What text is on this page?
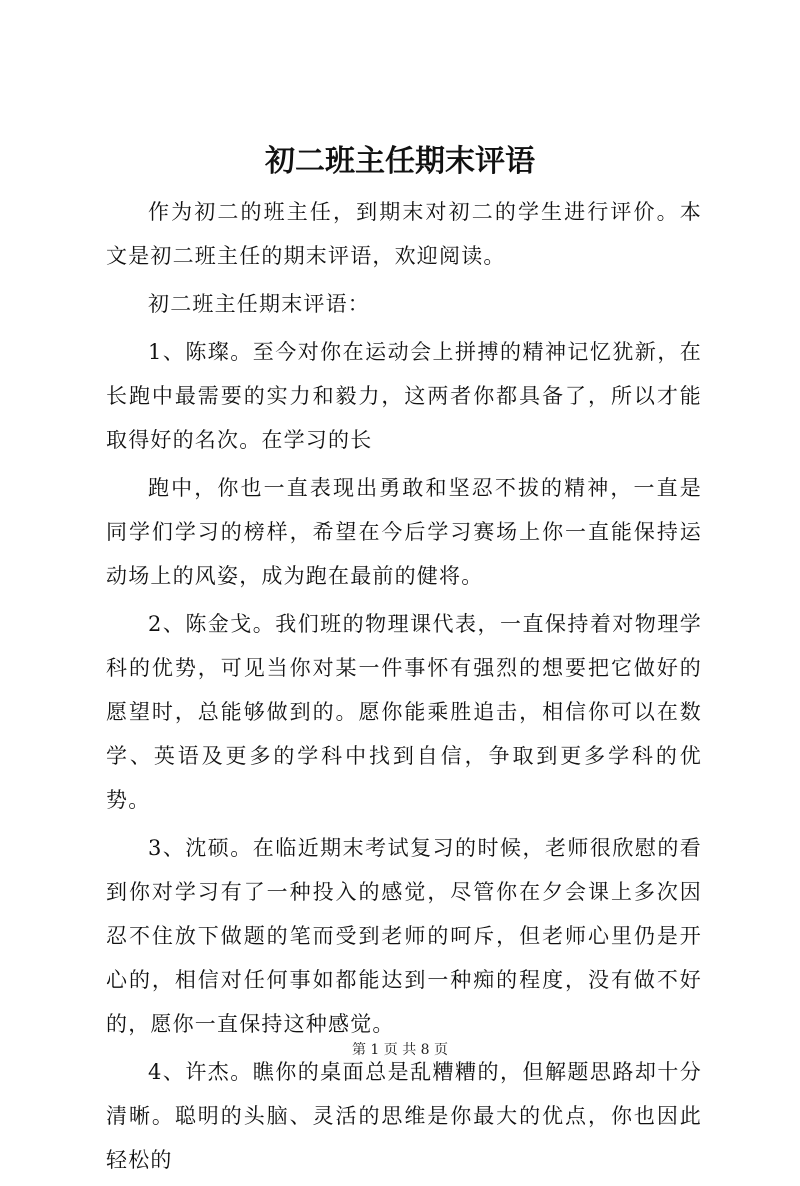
初二班主任期末评语

作为初二的班主任，到期末对初二的学生进行评价。本文是初二班主任的期末评语，欢迎阅读。

初二班主任期末评语：

1、陈璨。至今对你在运动会上拼搏的精神记忆犹新，在长跑中最需要的实力和毅力，这两者你都具备了，所以才能取得好的名次。在学习的长

跑中，你也一直表现出勇敢和坚忍不拔的精神，一直是同学们学习的榜样，希望在今后学习赛场上你一直能保持运动场上的风姿，成为跑在最前的健将。

2、陈金戈。我们班的物理课代表，一直保持着对物理学科的优势，可见当你对某一件事怀有强烈的想要把它做好的愿望时，总能够做到的。愿你能乘胜追击，相信你可以在数学、英语及更多的学科中找到自信，争取到更多学科的优势。

3、沈硕。在临近期末考试复习的时候，老师很欣慰的看到你对学习有了一种投入的感觉，尽管你在夕会课上多次因忍不住放下做题的笔而受到老师的呵斥，但老师心里仍是开心的，相信对任何事如都能达到一种痴的程度，没有做不好的，愿你一直保持这种感觉。

4、许杰。瞧你的桌面总是乱糟糟的，但解题思路却十分清晰。聪明的头脑、灵活的思维是你最大的优点，你也因此轻松的

第 1 页 共 8 页
